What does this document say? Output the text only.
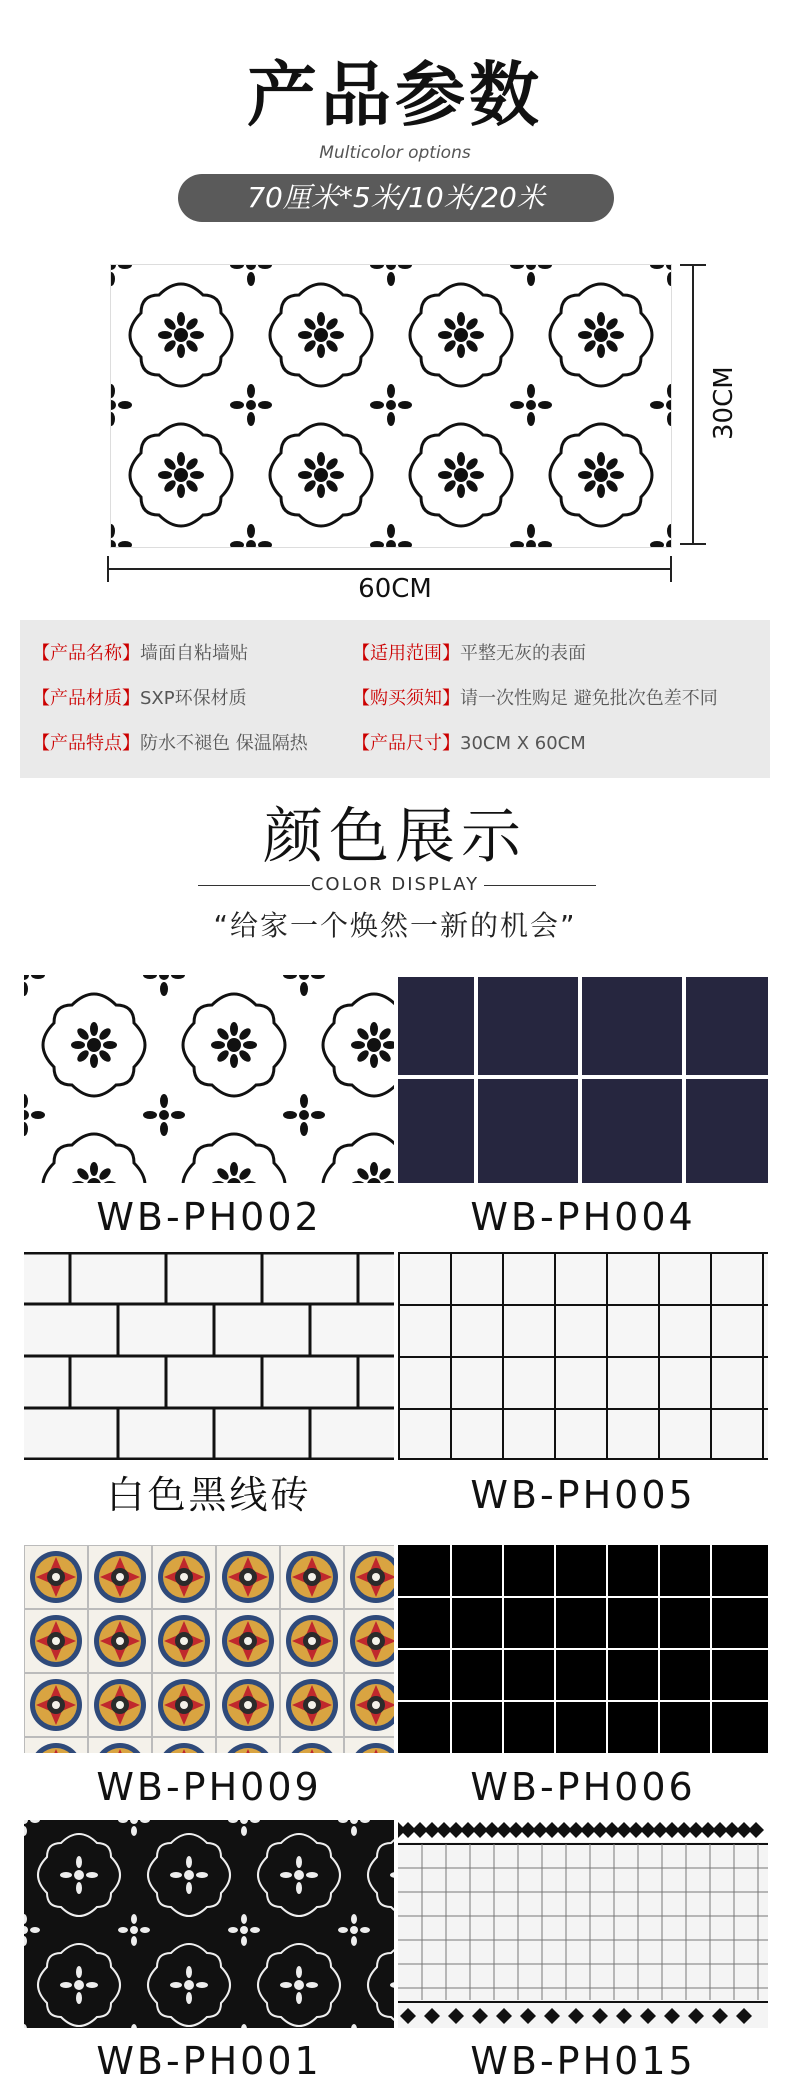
产品参数
Multicolor options
70厘米*5米/10米/20米
30CM
60CM
【产品名称】墙面自粘墙贴	【适用范围】平整无灰的表面
【产品材质】SXP环保材质	【购买须知】请一次性购足 避免批次色差不同
【产品特点】防水不褪色 保温隔热 【产品尺寸】30CM X 60CM
颜色展示
COLOR DISPLAY
“给家一个焕然一新的机会”
WB-PH002	WB-PH004
白色黑线砖	WB-PH005
WB-PH009	WB-PH006
WB-PH001	WB-PH015
